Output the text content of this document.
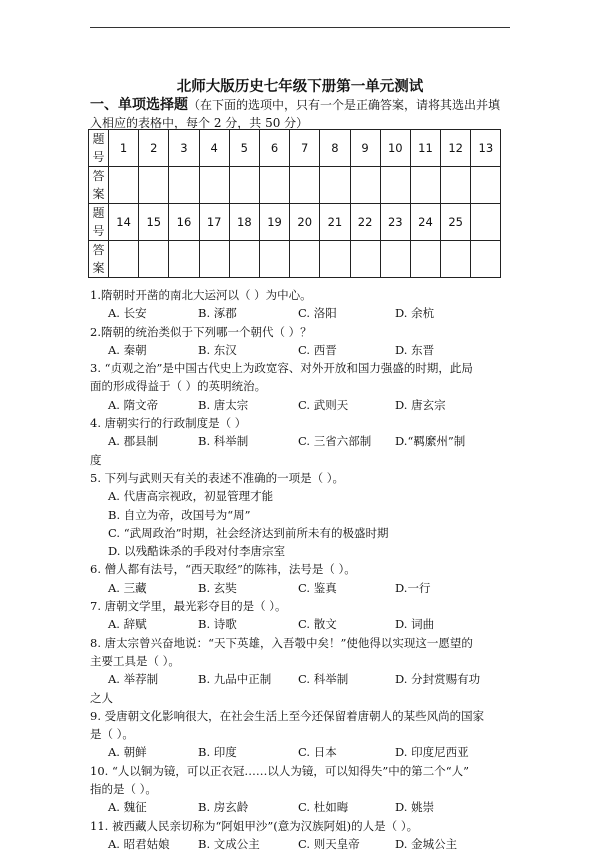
北师大版历史七年级下册第一单元测试
一、单项选择题（在下面的选项中，只有一个是正确答案，请将其选出并填
入相应的表格中，每个 2 分，共 50 分）
题
号	1	2	3	4	5	6	7	8	9	10	11	12	13

答
案													

题
号	14	15	16	17	18	19	20	21	22	23	24	25	

答
案													

1.隋朝时开凿的南北大运河以（ ）为中心。
A. 长安	B. 涿郡	C. 洛阳	D. 余杭
2.隋朝的统治类似于下列哪一个朝代（ ）？
A. 秦朝	B. 东汉	C. 西晋	D. 东晋
3. “贞观之治”是中国古代史上为政宽容、对外开放和国力强盛的时期，此局
面的形成得益于（ ）的英明统治。
A. 隋文帝	B. 唐太宗	C. 武则天	D. 唐玄宗
4. 唐朝实行的行政制度是（ ）
A. 郡县制	B. 科举制	C. 三省六部制 D.“羁縻州”制
度
5. 下列与武则天有关的表述不准确的一项是（ ）。
A. 代唐高宗视政，初显管理才能
B. 自立为帝，改国号为“周”
C. “武周政治”时期，社会经济达到前所未有的极盛时期
D. 以残酷诛杀的手段对付李唐宗室
6. 僧人都有法号，“西天取经”的陈祎，法号是（ ）。
A. 三藏	B. 玄奘	C. 鉴真	D.一行
7. 唐朝文学里，最光彩夺目的是（ ）。
A. 辞赋	B. 诗歌	C. 散文	D. 词曲
8. 唐太宗曾兴奋地说：“天下英雄，入吾彀中矣！”使他得以实现这一愿望的
主要工具是（ ）。
A. 举荐制	B. 九品中正制 C. 科举制	D. 分封赏赐有功
之人
9. 受唐朝文化影响很大，在社会生活上至今还保留着唐朝人的某些风尚的国家
是（ ）。
A. 朝鲜	B. 印度	C. 日本	D. 印度尼西亚
10. “人以铜为镜，可以正衣冠……以人为镜，可以知得失”中的第二个“人”
指的是（ ）。
A. 魏征	B. 房玄龄	C. 杜如晦	D. 姚崇
11. 被西藏人民亲切称为“阿姐甲沙”(意为汉族阿姐)的人是（ ）。
A. 昭君姑娘 B. 文成公主	C. 则天皇帝	D. 金城公主
